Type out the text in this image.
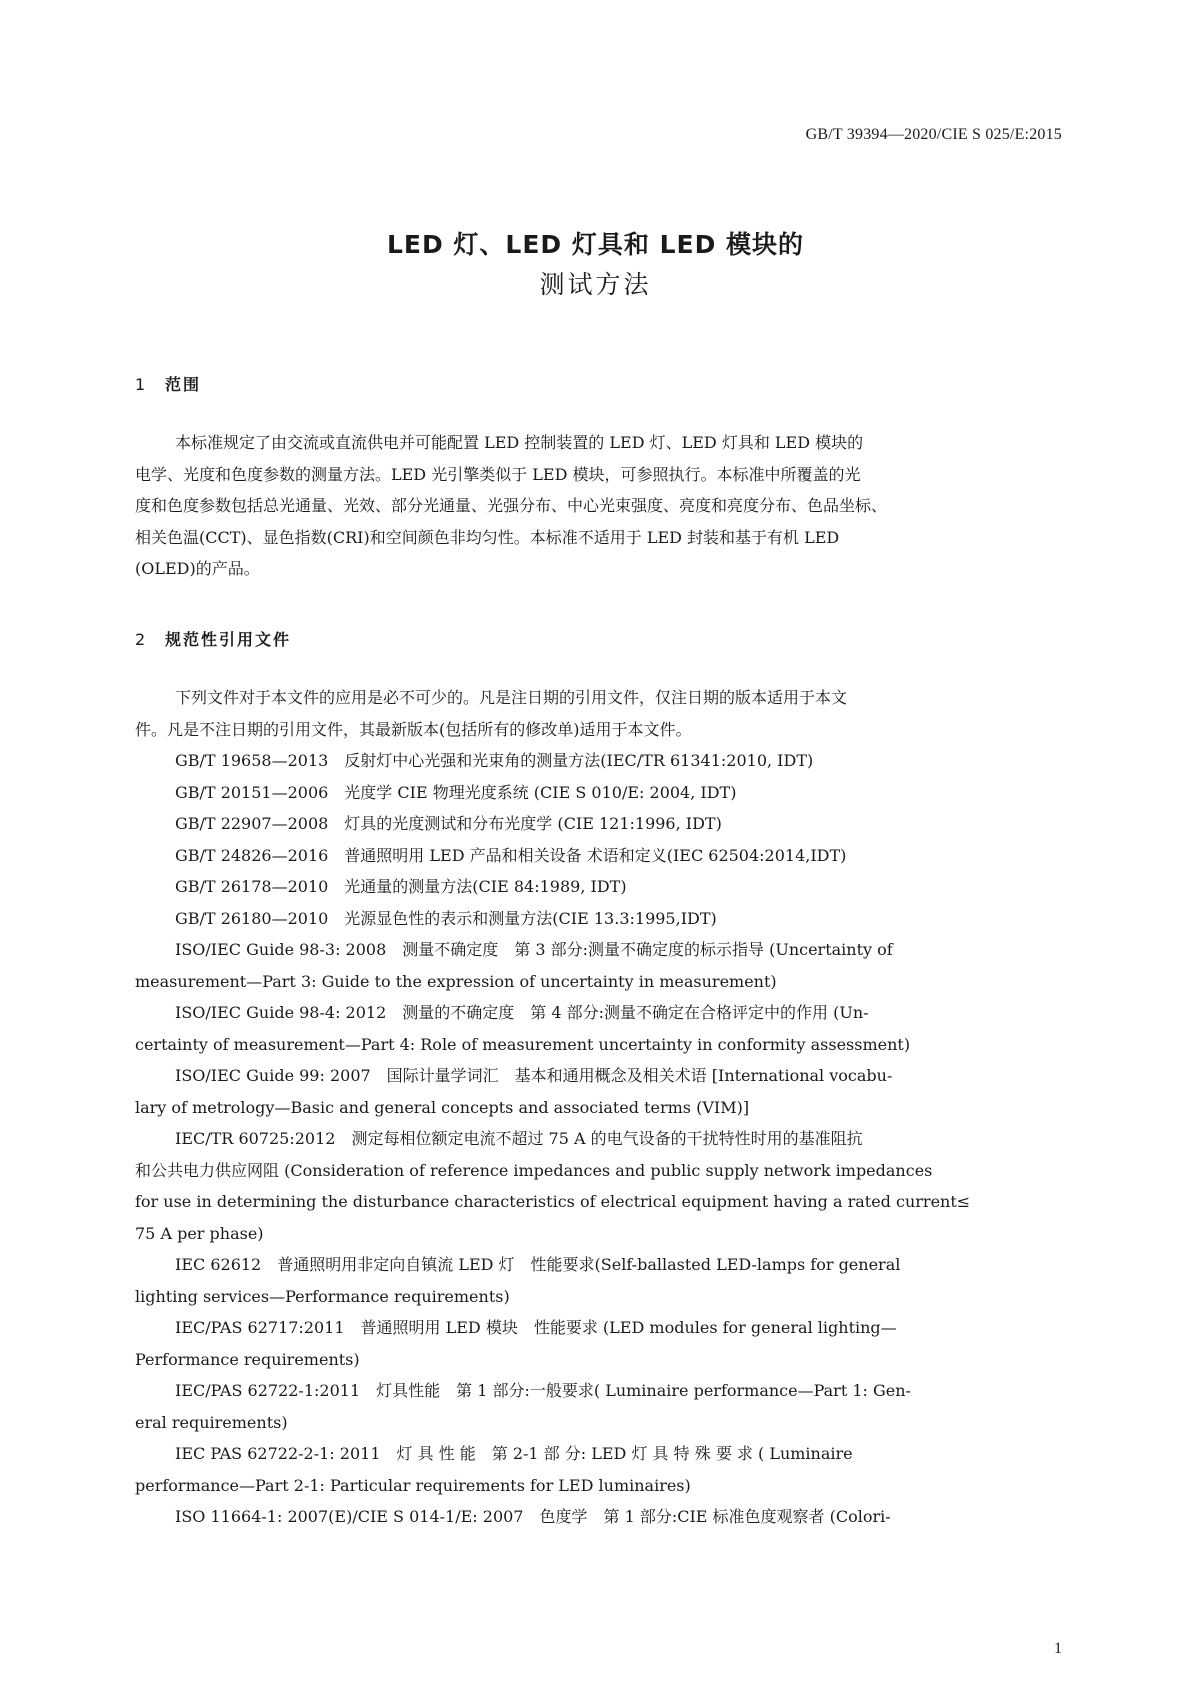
GB/T 39394—2020/CIE S 025/E:2015
LED 灯、LED 灯具和 LED 模块的
测试方法
1 范围
本标准规定了由交流或直流供电并可能配置 LED 控制装置的 LED 灯、LED 灯具和 LED 模块的
电学、光度和色度参数的测量方法。LED 光引擎类似于 LED 模块，可参照执行。本标准中所覆盖的光
度和色度参数包括总光通量、光效、部分光通量、光强分布、中心光束强度、亮度和亮度分布、色品坐标、
相关色温(CCT)、显色指数(CRI)和空间颜色非均匀性。本标准不适用于 LED 封装和基于有机 LED
(OLED)的产品。
2 规范性引用文件
下列文件对于本文件的应用是必不可少的。凡是注日期的引用文件，仅注日期的版本适用于本文
件。凡是不注日期的引用文件，其最新版本(包括所有的修改单)适用于本文件。
GB/T 19658—2013　反射灯中心光强和光束角的测量方法(IEC/TR 61341:2010, IDT)
GB/T 20151—2006　光度学 CIE 物理光度系统 (CIE S 010/E: 2004, IDT)
GB/T 22907—2008　灯具的光度测试和分布光度学 (CIE 121:1996, IDT)
GB/T 24826—2016　普通照明用 LED 产品和相关设备 术语和定义(IEC 62504:2014,IDT)
GB/T 26178—2010　光通量的测量方法(CIE 84:1989, IDT)
GB/T 26180—2010　光源显色性的表示和测量方法(CIE 13.3:1995,IDT)
ISO/IEC Guide 98-3: 2008　测量不确定度　第 3 部分:测量不确定度的标示指导 (Uncertainty of
measurement—Part 3: Guide to the expression of uncertainty in measurement)
ISO/IEC Guide 98-4: 2012　测量的不确定度　第 4 部分:测量不确定在合格评定中的作用 (Un-
certainty of measurement—Part 4: Role of measurement uncertainty in conformity assessment)
ISO/IEC Guide 99: 2007　国际计量学词汇　基本和通用概念及相关术语 [International vocabu-
lary of metrology—Basic and general concepts and associated terms (VIM)]
IEC/TR 60725:2012　测定每相位额定电流不超过 75 A 的电气设备的干扰特性时用的基准阻抗
和公共电力供应网阻 (Consideration of reference impedances and public supply network impedances
for use in determining the disturbance characteristics of electrical equipment having a rated current≤
75 A per phase)
IEC 62612　普通照明用非定向自镇流 LED 灯　性能要求(Self-ballasted LED-lamps for general
lighting services—Performance requirements)
IEC/PAS 62717:2011　普通照明用 LED 模块　性能要求 (LED modules for general lighting—
Performance requirements)
IEC/PAS 62722-1:2011　灯具性能　第 1 部分:一般要求( Luminaire performance—Part 1: Gen-
eral requirements)
IEC PAS 62722-2-1: 2011　灯 具 性 能　第 2-1 部 分: LED 灯 具 特 殊 要 求 ( Luminaire
performance—Part 2-1: Particular requirements for LED luminaires)
ISO 11664-1: 2007(E)/CIE S 014-1/E: 2007　色度学　第 1 部分:CIE 标准色度观察者 (Colori-
1
